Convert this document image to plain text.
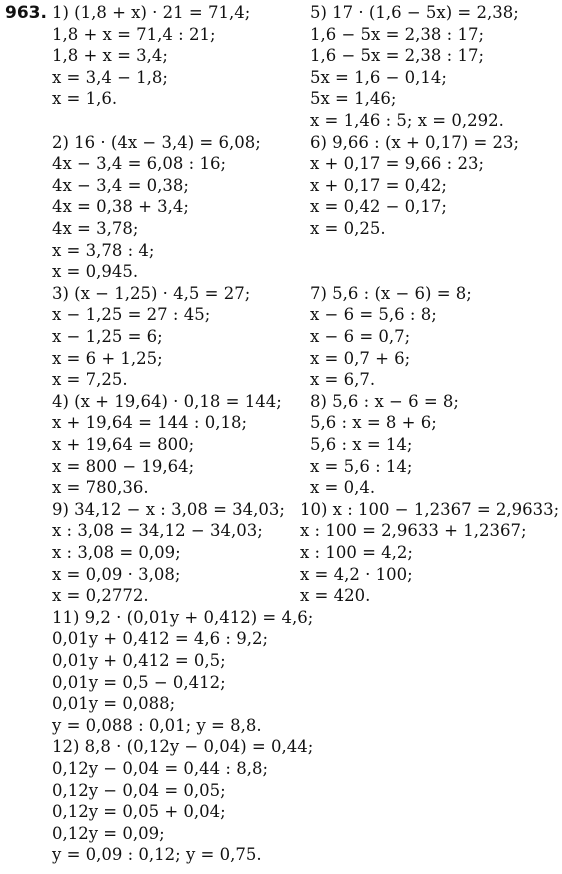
963. 1) (1,8 + x) · 21 = 71,4;
1,8 + x = 71,4 : 21;
1,8 + x = 3,4;
x = 3,4 − 1,8;
x = 1,6.
2) 16 · (4x − 3,4) = 6,08;
4x − 3,4 = 6,08 : 16;
4x − 3,4 = 0,38;
4x = 0,38 + 3,4;
4x = 3,78;
x = 3,78 : 4;
x = 0,945.
3) (x − 1,25) · 4,5 = 27;
x − 1,25 = 27 : 45;
x − 1,25 = 6;
x = 6 + 1,25;
x = 7,25.
4) (x + 19,64) · 0,18 = 144;
x + 19,64 = 144 : 0,18;
x + 19,64 = 800;
x = 800 − 19,64;
x = 780,36.
9) 34,12 − x : 3,08 = 34,03;
x : 3,08 = 34,12 − 34,03;
x : 3,08 = 0,09;
x = 0,09 · 3,08;
x = 0,2772.
11) 9,2 · (0,01y + 0,412) = 4,6;
0,01y + 0,412 = 4,6 : 9,2;
0,01y + 0,412 = 0,5;
0,01y = 0,5 − 0,412;
0,01y = 0,088;
y = 0,088 : 0,01; y = 8,8.
12) 8,8 · (0,12y − 0,04) = 0,44;
0,12y − 0,04 = 0,44 : 8,8;
0,12y − 0,04 = 0,05;
0,12y = 0,05 + 0,04;
0,12y = 0,09;
y = 0,09 : 0,12; y = 0,75.
5) 17 · (1,6 − 5x) = 2,38;
1,6 − 5x = 2,38 : 17;
1,6 − 5x = 2,38 : 17;
5x = 1,6 − 0,14;
5x = 1,46;
x = 1,46 : 5; x = 0,292.
6) 9,66 : (x + 0,17) = 23;
x + 0,17 = 9,66 : 23;
x + 0,17 = 0,42;
x = 0,42 − 0,17;
x = 0,25.
7) 5,6 : (x − 6) = 8;
x − 6 = 5,6 : 8;
x − 6 = 0,7;
x = 0,7 + 6;
x = 6,7.
8) 5,6 : x − 6 = 8;
5,6 : x = 8 + 6;
5,6 : x = 14;
x = 5,6 : 14;
x = 0,4.
10) x : 100 − 1,2367 = 2,9633;
x : 100 = 2,9633 + 1,2367;
x : 100 = 4,2;
x = 4,2 · 100;
x = 420.
